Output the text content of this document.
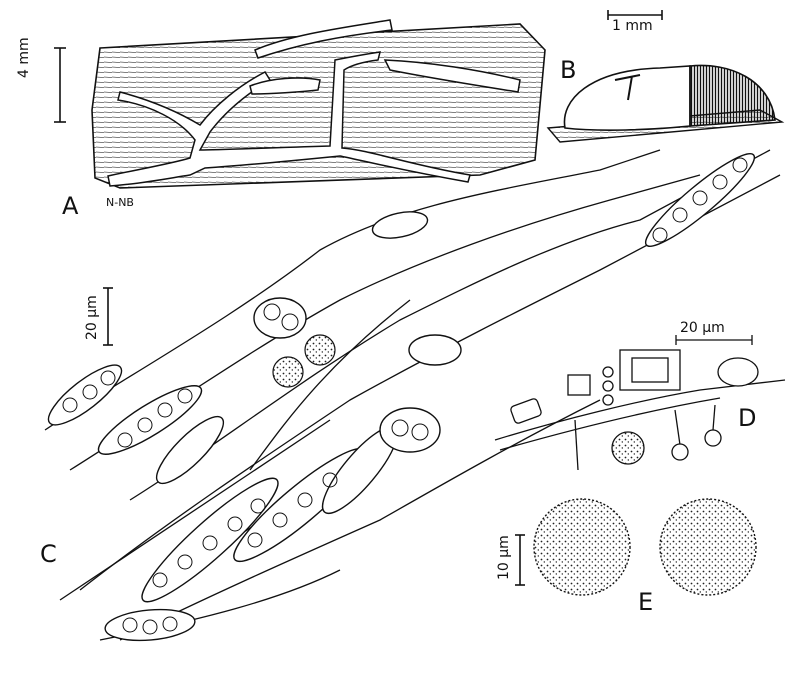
A	N-NB
4 mm	B
1 mm
C
20 µm
D
20 µm
E
10 µm
